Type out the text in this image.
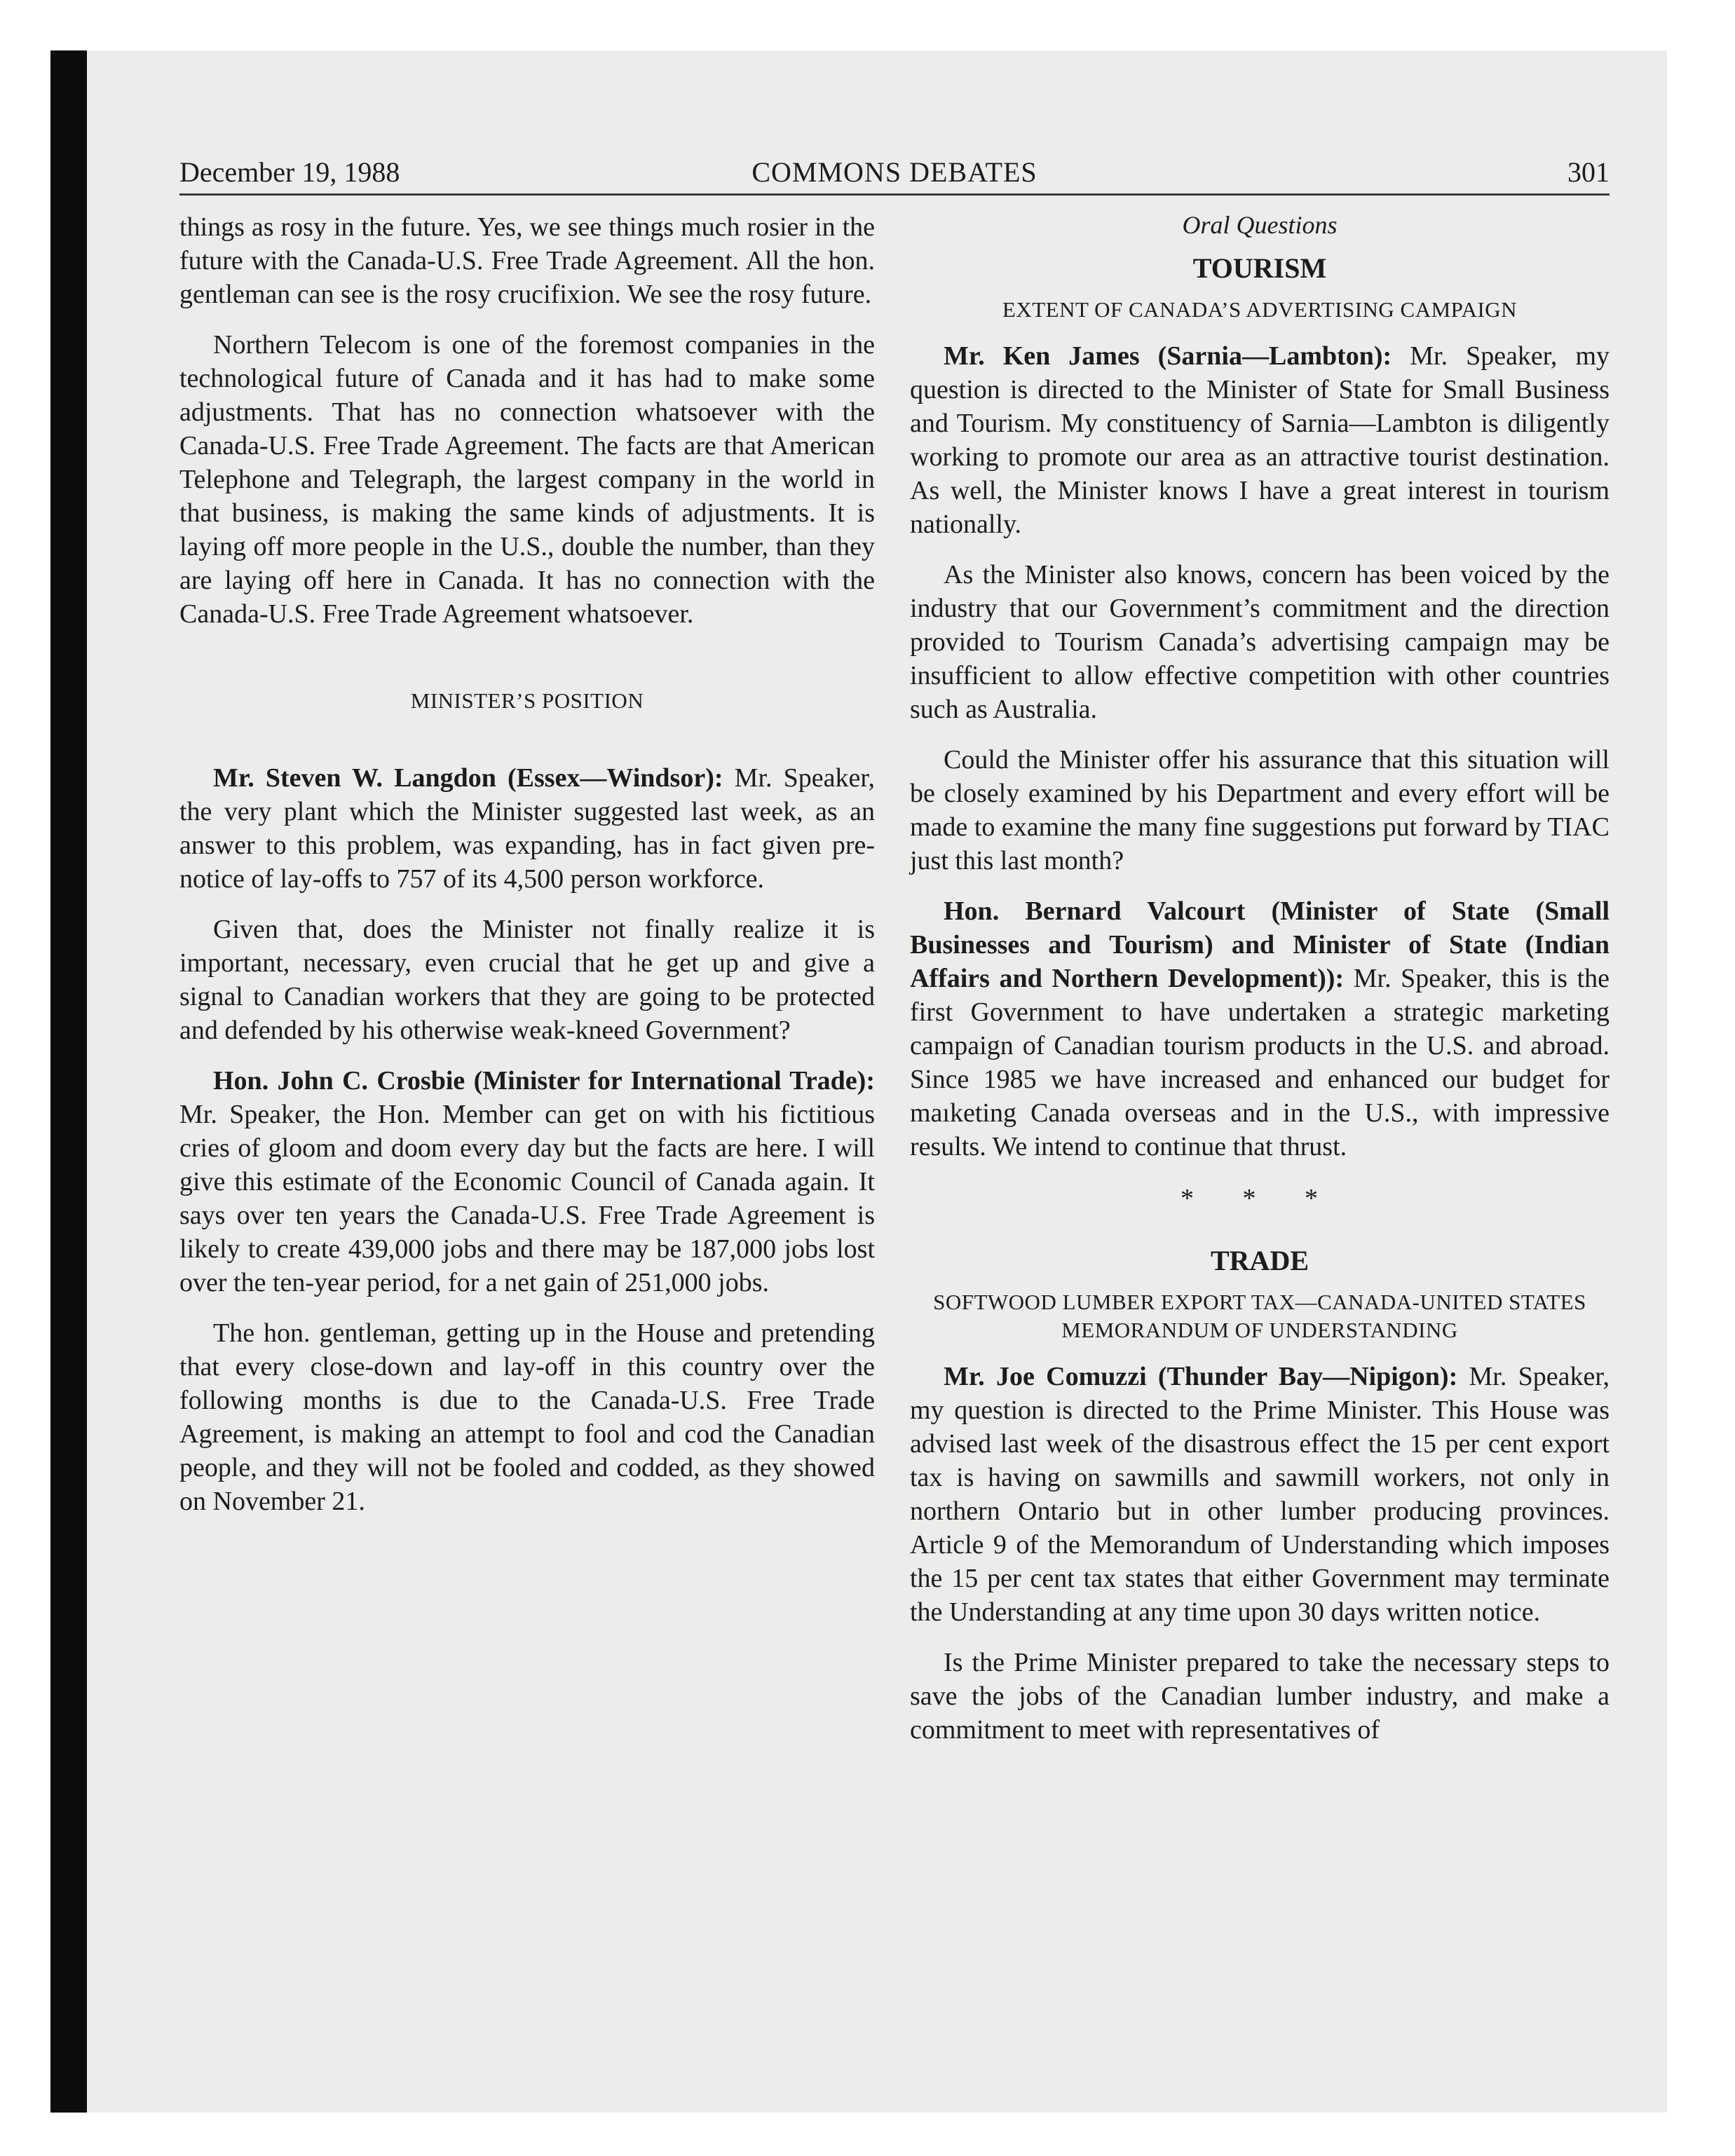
December 19, 1988	COMMONS DEBATES	301

things as rosy in the future. Yes, we see things much rosier in the future with the Canada-U.S. Free Trade Agreement. All the hon. gentleman can see is the rosy crucifixion. We see the rosy future.

Northern Telecom is one of the foremost companies in the technological future of Canada and it has had to make some adjustments. That has no connection whatsoever with the Canada-U.S. Free Trade Agreement. The facts are that American Telephone and Telegraph, the largest company in the world in that business, is making the same kinds of adjustments. It is laying off more people in the U.S., double the number, than they are laying off here in Canada. It has no connection with the Canada-U.S. Free Trade Agreement whatsoever.

MINISTER’S POSITION

Mr. Steven W. Langdon (Essex—Windsor): Mr. Speaker, the very plant which the Minister suggested last week, as an answer to this problem, was expanding, has in fact given pre-notice of lay-offs to 757 of its 4,500 person workforce.

Given that, does the Minister not finally realize it is important, necessary, even crucial that he get up and give a signal to Canadian workers that they are going to be protected and defended by his otherwise weak-kneed Government?

Hon. John C. Crosbie (Minister for International Trade): Mr. Speaker, the Hon. Member can get on with his fictitious cries of gloom and doom every day but the facts are here. I will give this estimate of the Economic Council of Canada again. It says over ten years the Canada-U.S. Free Trade Agreement is likely to create 439,000 jobs and there may be 187,000 jobs lost over the ten-year period, for a net gain of 251,000 jobs.

The hon. gentleman, getting up in the House and pretending that every close-down and lay-off in this country over the following months is due to the Canada-U.S. Free Trade Agreement, is making an attempt to fool and cod the Canadian people, and they will not be fooled and codded, as they showed on November 21.

Oral Questions
TOURISM
EXTENT OF CANADA’S ADVERTISING CAMPAIGN

Mr. Ken James (Sarnia—Lambton): Mr. Speaker, my question is directed to the Minister of State for Small Business and Tourism. My constituency of Sarnia—Lambton is diligently working to promote our area as an attractive tourist destination. As well, the Minister knows I have a great interest in tourism nationally.

As the Minister also knows, concern has been voiced by the industry that our Government’s commitment and the direction provided to Tourism Canada’s advertising campaign may be insufficient to allow effective competition with other countries such as Australia.

Could the Minister offer his assurance that this situation will be closely examined by his Department and every effort will be made to examine the many fine suggestions put forward by TIAC just this last month?

Hon. Bernard Valcourt (Minister of State (Small Businesses and Tourism) and Minister of State (Indian Affairs and Northern Development)): Mr. Speaker, this is the first Government to have undertaken a strategic marketing campaign of Canadian tourism products in the U.S. and abroad. Since 1985 we have increased and enhanced our budget for maıketing Canada overseas and in the U.S., with impressive results. We intend to continue that thrust.

* * *
TRADE
SOFTWOOD LUMBER EXPORT TAX—CANADA-UNITED STATES MEMORANDUM OF UNDERSTANDING

Mr. Joe Comuzzi (Thunder Bay—Nipigon): Mr. Speaker, my question is directed to the Prime Minister. This House was advised last week of the disastrous effect the 15 per cent export tax is having on sawmills and sawmill workers, not only in northern Ontario but in other lumber producing provinces. Article 9 of the Memorandum of Understanding which imposes the 15 per cent tax states that either Government may terminate the Understanding at any time upon 30 days written notice.

Is the Prime Minister prepared to take the necessary steps to save the jobs of the Canadian lumber industry, and make a commitment to meet with representatives of
